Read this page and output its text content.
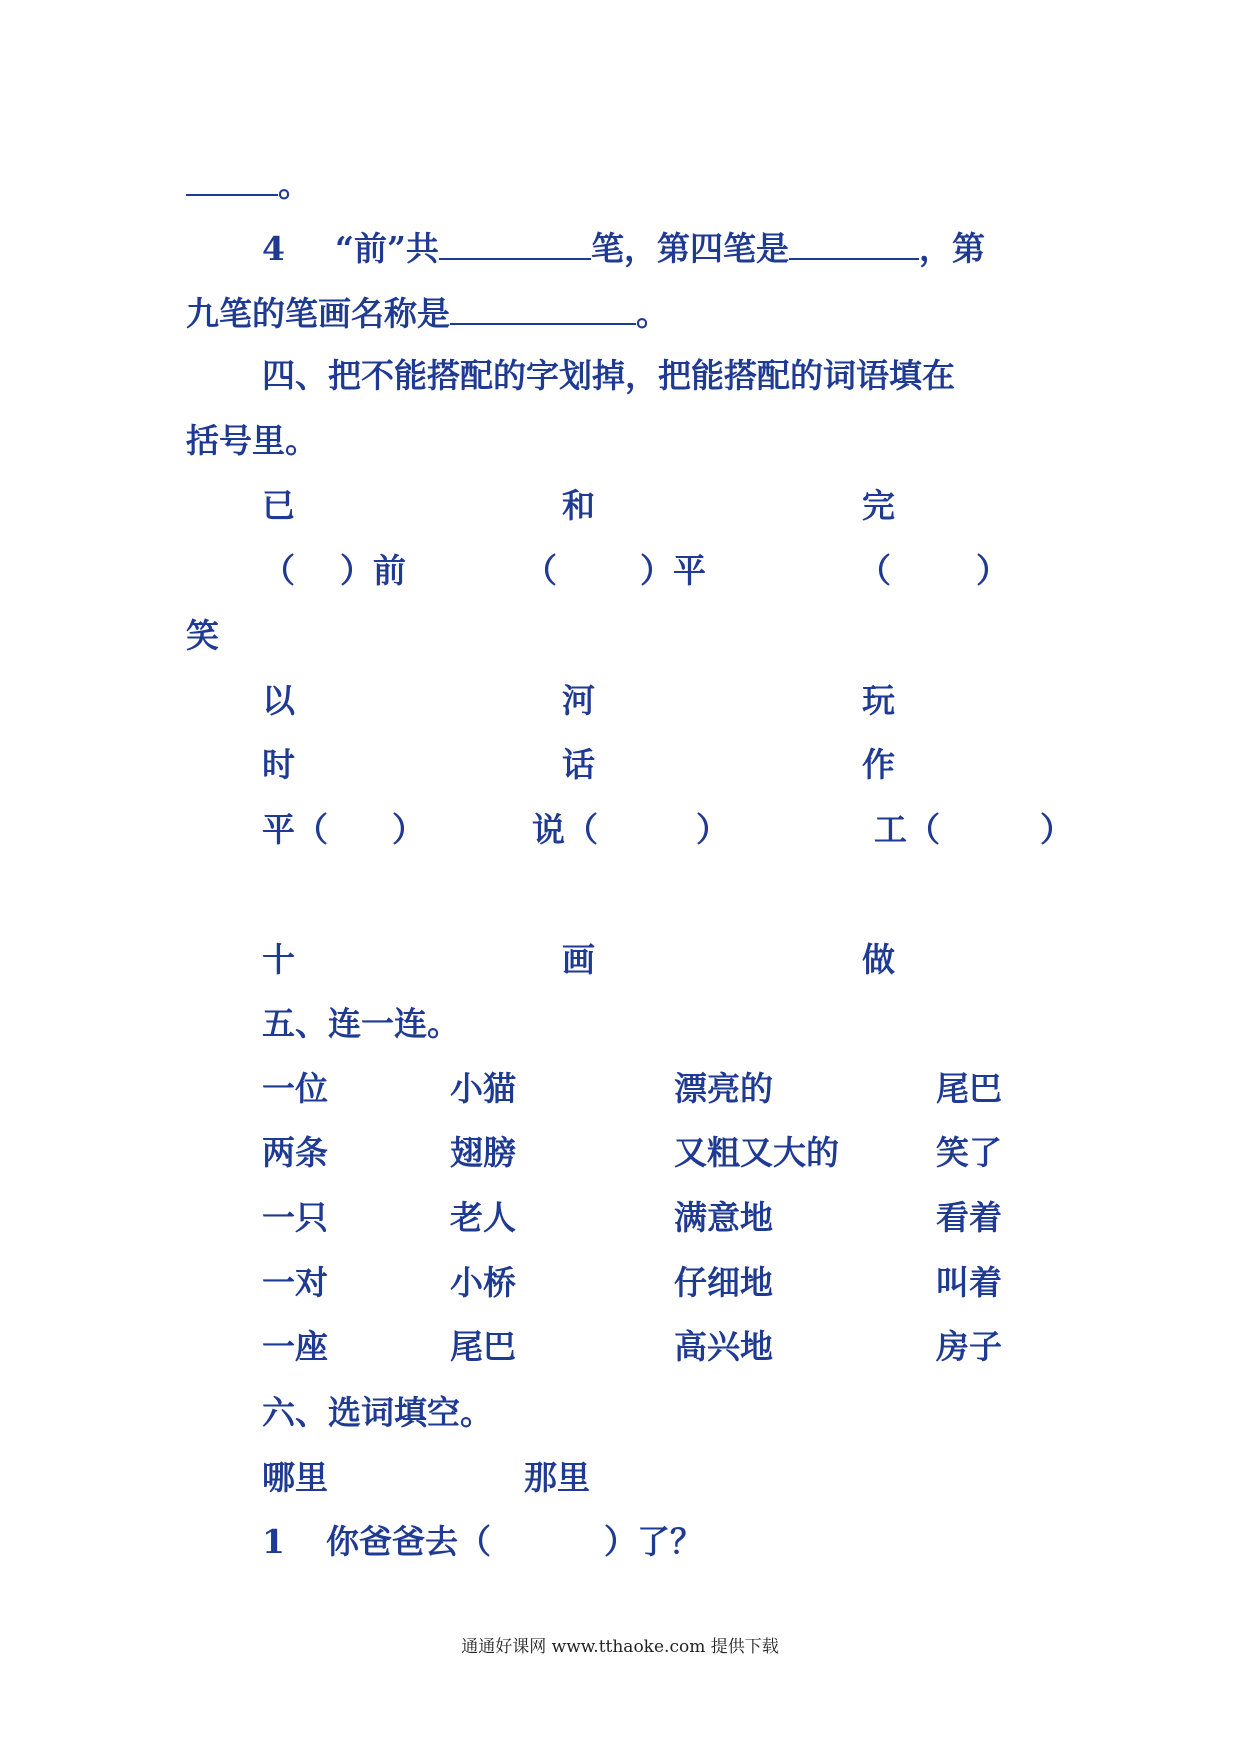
。
4 “前”共	笔，第四笔是	，第
九笔的笔画名称是	。
四、把不能搭配的字划掉，把能搭配的词语填在
括号里。
已	和	完
（ ）前	（	）平	（	）
笑
以	河	玩
时	话	作
平（ ）	说（	）	工（	）
十	画	做
五、连一连。
一位	小猫	漂亮的	尾巴
两条	翅膀	又粗又大的	笑了
一只	老人	满意地	看着
一对	小桥	仔细地	叫着
一座	尾巴	高兴地	房子
六、选词填空。
哪里	那里
1 你爸爸去（	）了？
通通好课网 www.tthaoke.com 提供下载
